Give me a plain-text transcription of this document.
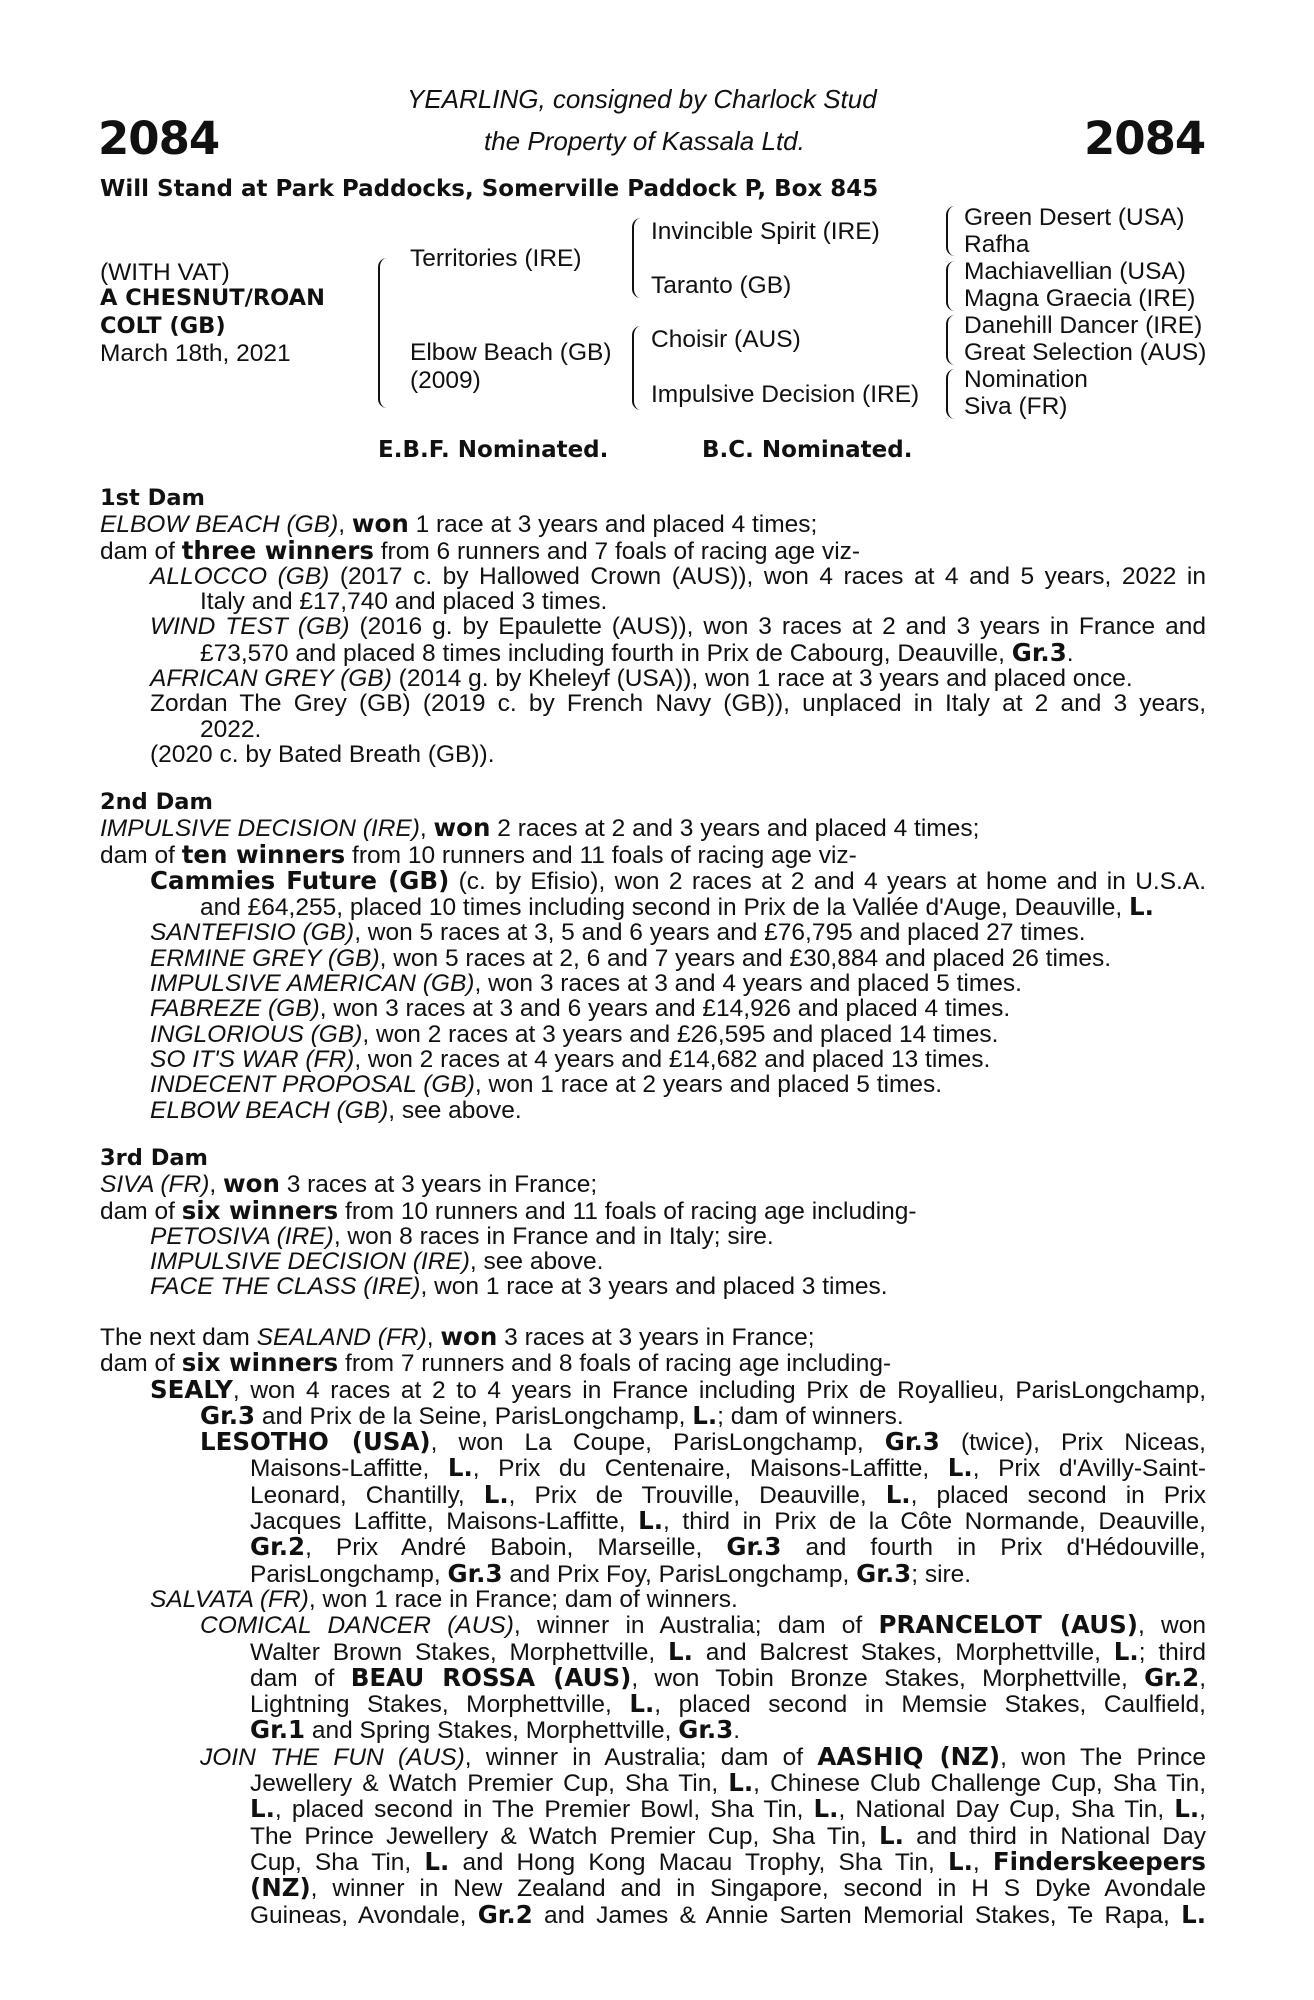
YEARLING, consigned by Charlock Stud
the Property of Kassala Ltd.
2084	2084
Will Stand at Park Paddocks, Somerville Paddock P, Box 845
(WITH VAT)
A CHESNUT/ROAN
COLT (GB)
March 18th, 2021
Territories (IRE)
Elbow Beach (GB)
(2009)
Invincible Spirit (IRE)
Taranto (GB)
Choisir (AUS)
Impulsive Decision (IRE)
Green Desert (USA)
Rafha
Machiavellian (USA)
Magna Graecia (IRE)
Danehill Dancer (IRE)
Great Selection (AUS)
Nomination
Siva (FR)
E.B.F. Nominated.	B.C. Nominated.
1st Dam
ELBOW BEACH (GB), won 1 race at 3 years and placed 4 times;
dam of three winners from 6 runners and 7 foals of racing age viz-
ALLOCCO (GB) (2017 c. by Hallowed Crown (AUS)), won 4 races at 4 and 5 years, 2022 in
Italy and £17,740 and placed 3 times.
WIND TEST (GB) (2016 g. by Epaulette (AUS)), won 3 races at 2 and 3 years in France and
£73,570 and placed 8 times including fourth in Prix de Cabourg, Deauville, Gr.3.
AFRICAN GREY (GB) (2014 g. by Kheleyf (USA)), won 1 race at 3 years and placed once.
Zordan The Grey (GB) (2019 c. by French Navy (GB)), unplaced in Italy at 2 and 3 years,
2022.
(2020 c. by Bated Breath (GB)).
2nd Dam
IMPULSIVE DECISION (IRE), won 2 races at 2 and 3 years and placed 4 times;
dam of ten winners from 10 runners and 11 foals of racing age viz-
Cammies Future (GB) (c. by Efisio), won 2 races at 2 and 4 years at home and in U.S.A.
and £64,255, placed 10 times including second in Prix de la Vallée d'Auge, Deauville, L.
SANTEFISIO (GB), won 5 races at 3, 5 and 6 years and £76,795 and placed 27 times.
ERMINE GREY (GB), won 5 races at 2, 6 and 7 years and £30,884 and placed 26 times.
IMPULSIVE AMERICAN (GB), won 3 races at 3 and 4 years and placed 5 times.
FABREZE (GB), won 3 races at 3 and 6 years and £14,926 and placed 4 times.
INGLORIOUS (GB), won 2 races at 3 years and £26,595 and placed 14 times.
SO IT'S WAR (FR), won 2 races at 4 years and £14,682 and placed 13 times.
INDECENT PROPOSAL (GB), won 1 race at 2 years and placed 5 times.
ELBOW BEACH (GB), see above.
3rd Dam
SIVA (FR), won 3 races at 3 years in France;
dam of six winners from 10 runners and 11 foals of racing age including-
PETOSIVA (IRE), won 8 races in France and in Italy; sire.
IMPULSIVE DECISION (IRE), see above.
FACE THE CLASS (IRE), won 1 race at 3 years and placed 3 times.
The next dam SEALAND (FR), won 3 races at 3 years in France;
dam of six winners from 7 runners and 8 foals of racing age including-
SEALY, won 4 races at 2 to 4 years in France including Prix de Royallieu, ParisLongchamp,
Gr.3 and Prix de la Seine, ParisLongchamp, L.; dam of winners.
LESOTHO (USA), won La Coupe, ParisLongchamp, Gr.3 (twice), Prix Niceas,
Maisons-Laffitte, L., Prix du Centenaire, Maisons-Laffitte, L., Prix d'Avilly-Saint-
Leonard, Chantilly, L., Prix de Trouville, Deauville, L., placed second in Prix
Jacques Laffitte, Maisons-Laffitte, L., third in Prix de la Côte Normande, Deauville,
Gr.2, Prix André Baboin, Marseille, Gr.3 and fourth in Prix d'Hédouville,
ParisLongchamp, Gr.3 and Prix Foy, ParisLongchamp, Gr.3; sire.
SALVATA (FR), won 1 race in France; dam of winners.
COMICAL DANCER (AUS), winner in Australia; dam of PRANCELOT (AUS), won
Walter Brown Stakes, Morphettville, L. and Balcrest Stakes, Morphettville, L.; third
dam of BEAU ROSSA (AUS), won Tobin Bronze Stakes, Morphettville, Gr.2,
Lightning Stakes, Morphettville, L., placed second in Memsie Stakes, Caulfield,
Gr.1 and Spring Stakes, Morphettville, Gr.3.
JOIN THE FUN (AUS), winner in Australia; dam of AASHIQ (NZ), won The Prince
Jewellery & Watch Premier Cup, Sha Tin, L., Chinese Club Challenge Cup, Sha Tin,
L., placed second in The Premier Bowl, Sha Tin, L., National Day Cup, Sha Tin, L.,
The Prince Jewellery & Watch Premier Cup, Sha Tin, L. and third in National Day
Cup, Sha Tin, L. and Hong Kong Macau Trophy, Sha Tin, L., Finderskeepers
(NZ), winner in New Zealand and in Singapore, second in H S Dyke Avondale
Guineas, Avondale, Gr.2 and James & Annie Sarten Memorial Stakes, Te Rapa, L.
